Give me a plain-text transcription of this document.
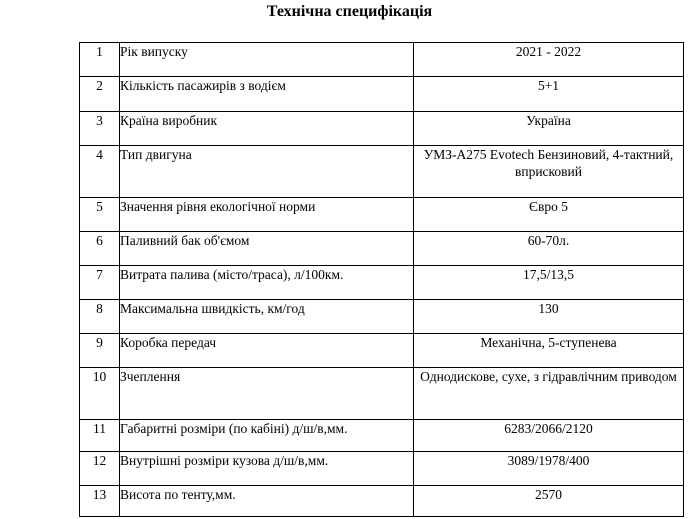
Технічна специфікація
1	Рік випуску	2021 - 2022
2	Кількість пасажирів з водієм	5+1
3	Країна виробник	Україна
4	Тип двигуна	УМЗ-А275 Evotech Бензиновий, 4-тактний, вприсковий
5	Значення рівня екологічної норми	Євро 5
6	Паливний бак об'ємом	60-70л.
7	Витрата палива (місто/траса), л/100км.	17,5/13,5
8	Максимальна швидкість, км/год	130
9	Коробка передач	Механічна, 5-ступенева
10	Зчеплення	Однодискове, сухе, з гідравлічним приводом
11	Габаритні розміри (по кабіні) д/ш/в,мм.	6283/2066/2120
12	Внутрішні розміри кузова д/ш/в,мм.	3089/1978/400
13	Висота по тенту,мм.	2570
